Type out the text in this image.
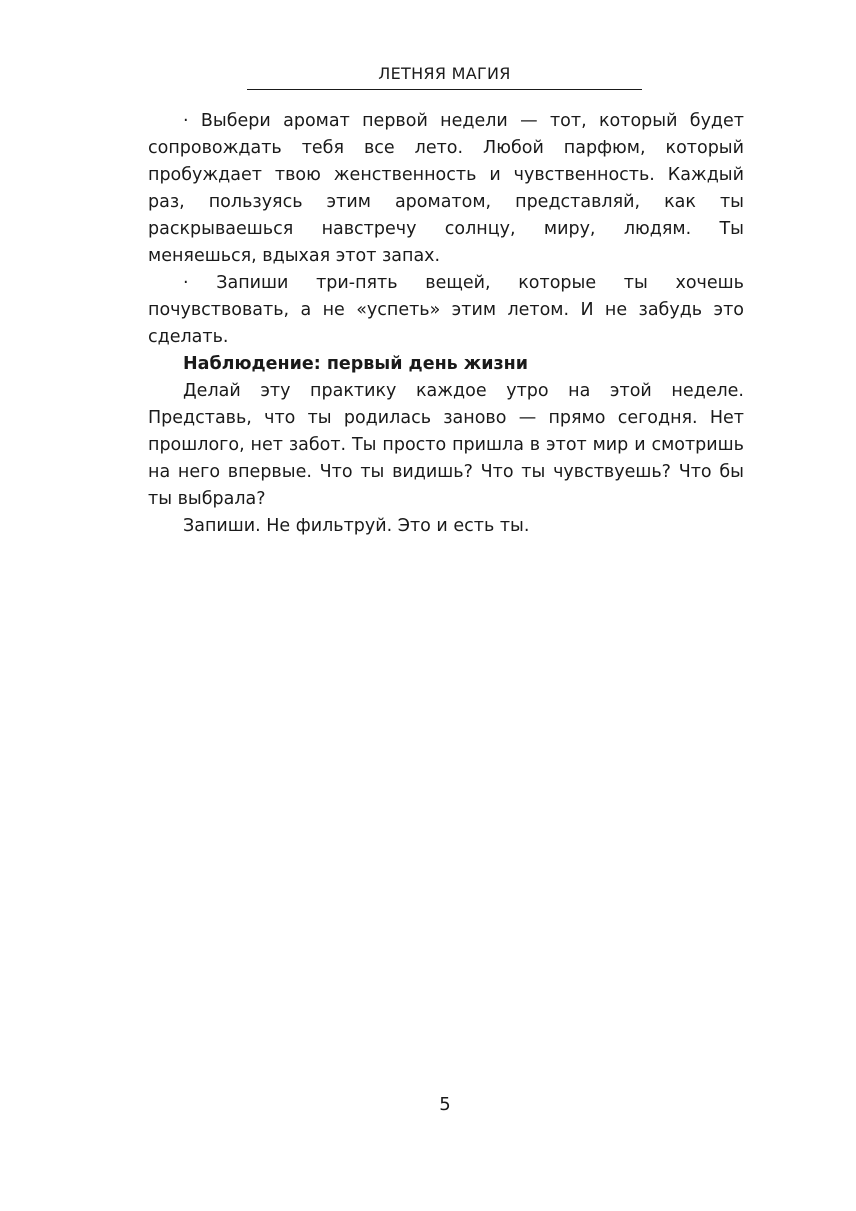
ЛЕТНЯЯ МАГИЯ

· Выбери аромат первой недели — тот, который будет сопровождать тебя все лето. Любой парфюм, который пробуждает твою женственность и чувственность. Каждый раз, пользуясь этим ароматом, представляй, как ты раскрываешься навстречу солнцу, миру, людям. Ты меняешься, вдыхая этот запах.

· Запиши три-пять вещей, которые ты хочешь почувствовать, а не «успеть» этим летом. И не забудь это сделать.

Наблюдение: первый день жизни

Делай эту практику каждое утро на этой неделе. Представь, что ты родилась заново — прямо сегодня. Нет прошлого, нет забот. Ты просто пришла в этот мир и смотришь на него впервые. Что ты видишь? Что ты чувствуешь? Что бы ты выбрала?

Запиши. Не фильтруй. Это и есть ты.

5
